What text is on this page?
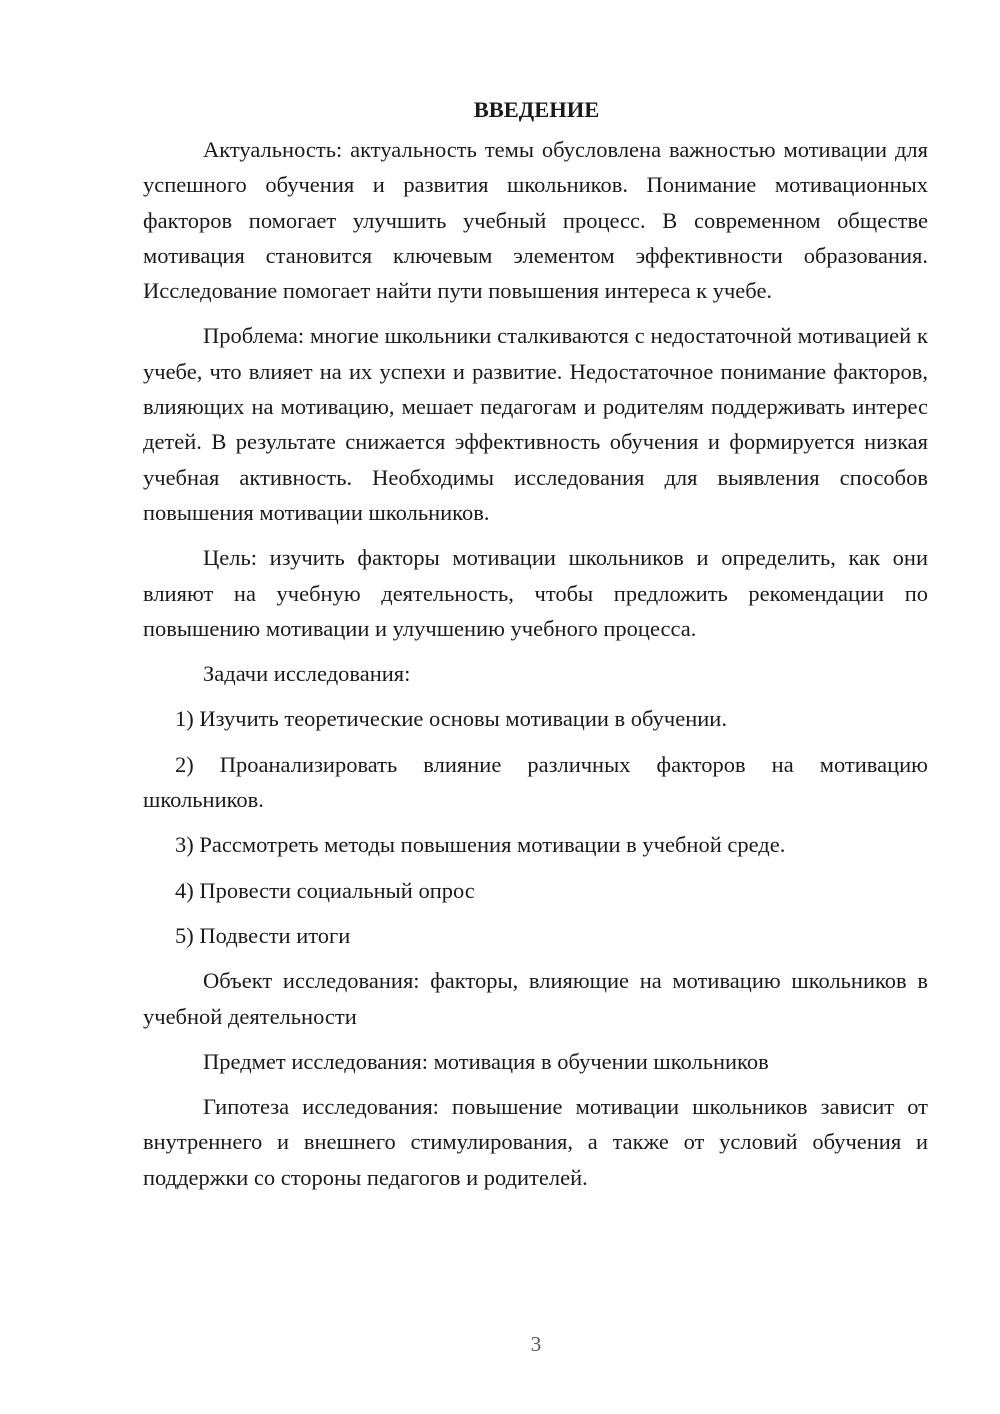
ВВЕДЕНИЕ

Актуальность: актуальность темы обусловлена важностью мотивации для успешного обучения и развития школьников. Понимание мотивационных факторов помогает улучшить учебный процесс. В современном обществе мотивация становится ключевым элементом эффективности образования. Исследование помогает найти пути повышения интереса к учебе.

Проблема: многие школьники сталкиваются с недостаточной мотивацией к учебе, что влияет на их успехи и развитие. Недостаточное понимание факторов, влияющих на мотивацию, мешает педагогам и родителям поддерживать интерес детей. В результате снижается эффективность обучения и формируется низкая учебная активность. Необходимы исследования для выявления способов повышения мотивации школьников.

Цель: изучить факторы мотивации школьников и определить, как они влияют на учебную деятельность, чтобы предложить рекомендации по повышению мотивации и улучшению учебного процесса.

Задачи исследования:

1) Изучить теоретические основы мотивации в обучении.

2) Проанализировать влияние различных факторов на мотивацию школьников.

3) Рассмотреть методы повышения мотивации в учебной среде.

4) Провести социальный опрос

5) Подвести итоги

Объект исследования: факторы, влияющие на мотивацию школьников в учебной деятельности

Предмет исследования: мотивация в обучении школьников

Гипотеза исследования: повышение мотивации школьников зависит от внутреннего и внешнего стимулирования, а также от условий обучения и поддержки со стороны педагогов и родителей.

3
